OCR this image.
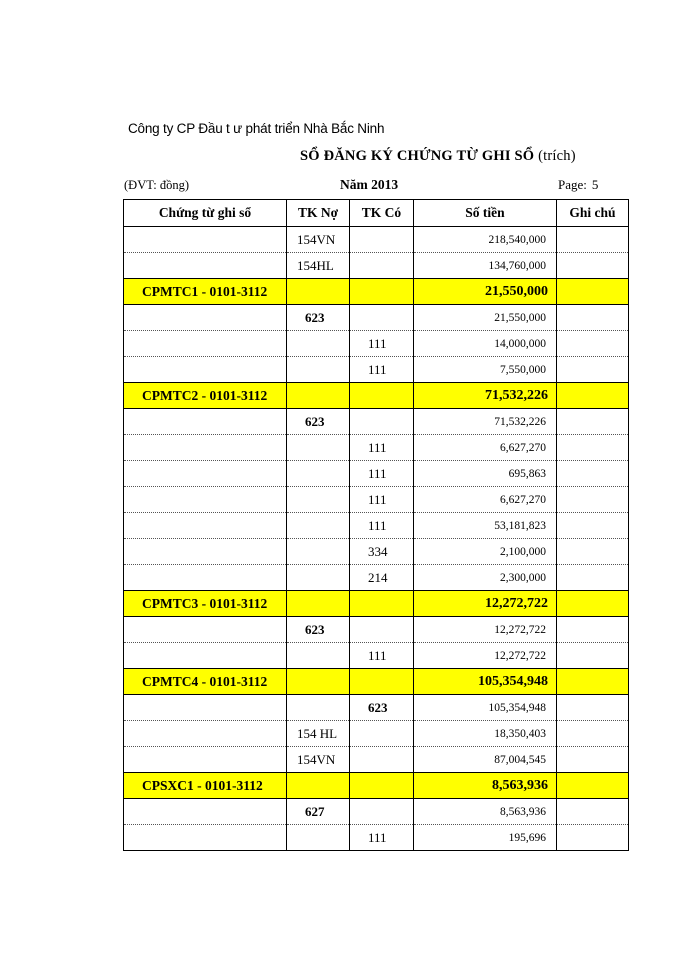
Công ty CP Đầu t ư phát triển Nhà Bắc Ninh
SỔ ĐĂNG KÝ CHỨNG TỪ GHI SỔ (trích)
(ĐVT: đồng)	Năm 2013	Page: 5
Chứng từ ghi sổ	TK Nợ	TK Có	Số tiền	Ghi chú
	154VN		218,540,000	
	154HL		134,760,000	
CPMTC1 - 0101-3112			21,550,000	
	623		21,550,000	
		111	14,000,000	
		111	7,550,000	
CPMTC2 - 0101-3112			71,532,226	
	623		71,532,226	
		111	6,627,270	
		111	695,863	
		111	6,627,270	
		111	53,181,823	
		334	2,100,000	
		214	2,300,000	
CPMTC3 - 0101-3112			12,272,722	
	623		12,272,722	
		111	12,272,722	
CPMTC4 - 0101-3112			105,354,948	
		623	105,354,948	
	154 HL		18,350,403	
	154VN		87,004,545	
CPSXC1 - 0101-3112			8,563,936	
	627		8,563,936	
		111	195,696	
